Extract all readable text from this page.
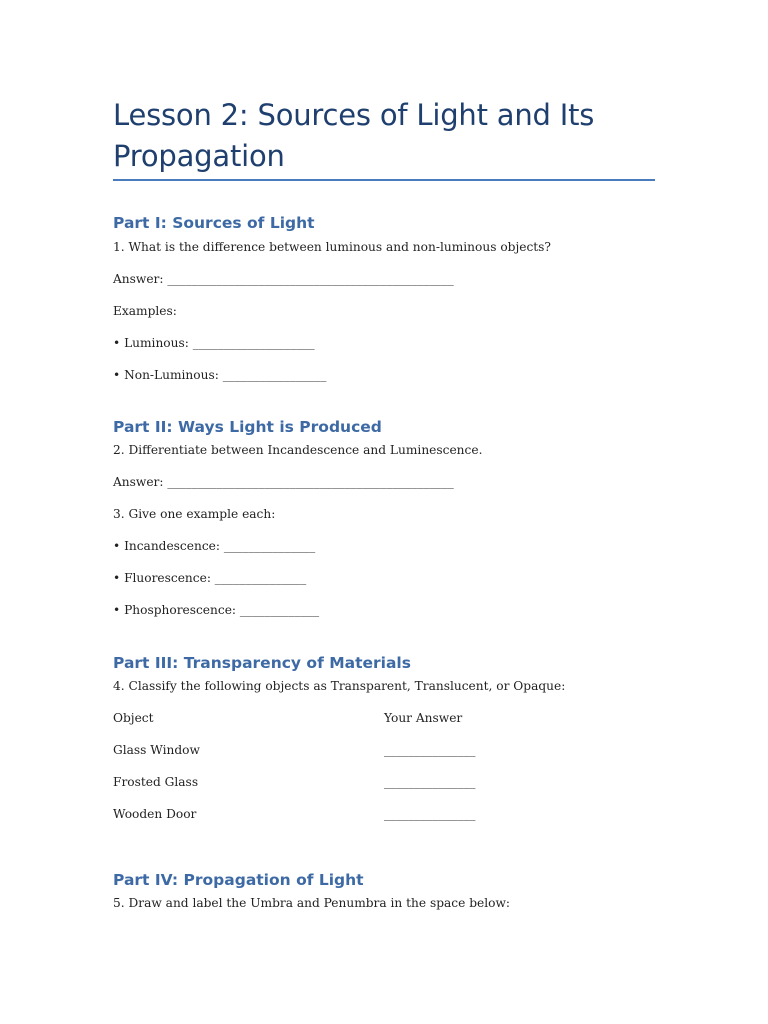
Lesson 2: Sources of Light and Its Propagation
Part I: Sources of Light

1. What is the difference between luminous and non-luminous objects?

Answer: _______________________________________________

Examples:

• Luminous: ____________________

• Non-Luminous: _________________

Part II: Ways Light is Produced

2. Differentiate between Incandescence and Luminescence.

Answer: _______________________________________________

3. Give one example each:

• Incandescence: _______________

• Fluorescence: _______________

• Phosphorescence: _____________

Part III: Transparency of Materials

4. Classify the following objects as Transparent, Translucent, or Opaque:

Object	Your Answer

Glass Window	_______________

Frosted Glass	_______________

Wooden Door	_______________

Part IV: Propagation of Light

5. Draw and label the Umbra and Penumbra in the space below:
